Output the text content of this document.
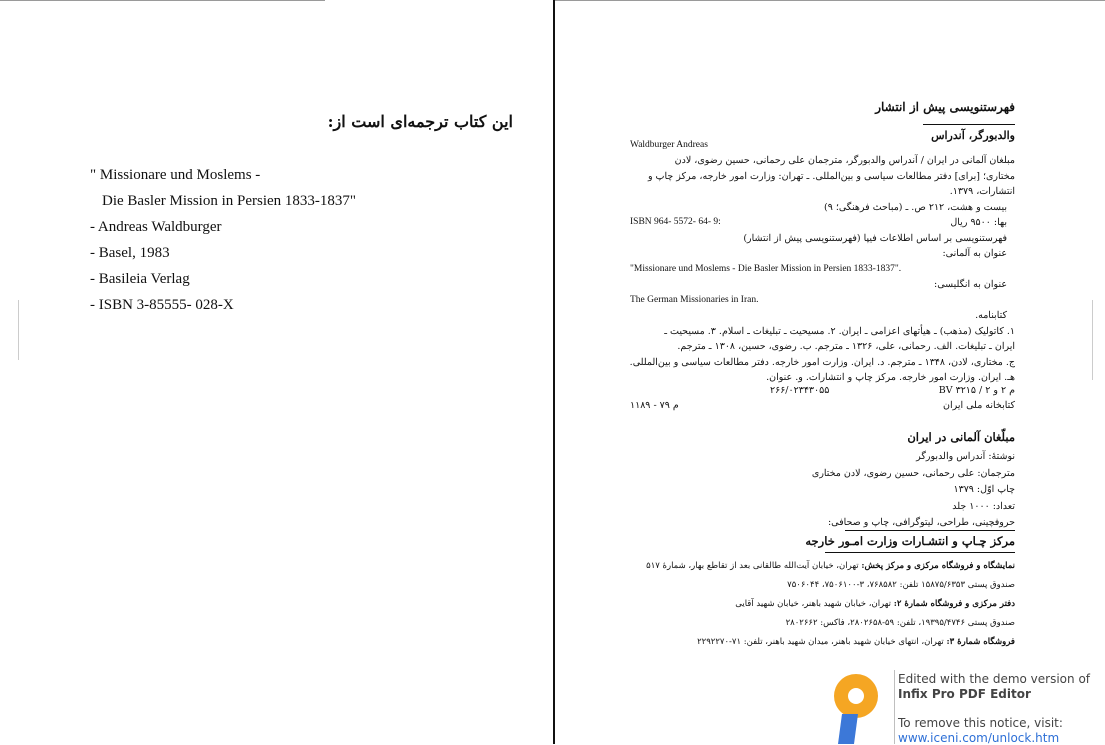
این کتاب ترجمه‌ای است از:
" Missionare und Moslems -
Die Basler Mission in Persien 1833-1837"
- Andreas Waldburger
- Basel, 1983
- Basileia Verlag
- ISBN 3-85555- 028-X
فهرستنویسی پیش از انتشار
والدبورگر، آندراس
Waldburger Andreas
مبلغان آلمانی در ایران / آندراس والدبورگر، مترجمان علی رحمانی، حسین رضوی، لادن
مختاری؛ [برای] دفتر مطالعات سیاسی و بین‌المللی. ـ تهران: وزارت امور خارجه، مرکز چاپ و
انتشارات، ۱۳۷۹.
بیست و هشت، ۲۱۲ ص. ـ (مباحث فرهنگی؛ ۹)
ISBN 964- 5572- 64- 9:	بها: ۹۵۰۰ ریال
فهرستنویسی بر اساس اطلاعات فیپا (فهرستنویسی پیش از انتشار)
عنوان به آلمانی:
"Missionare und Moslems - Die Basler Mission in Persien 1833-1837".
عنوان به انگلیسی:
The German Missionaries in Iran.
کتابنامه.
۱. کاتولیک (مذهب) ـ هیأتهای اعزامی ـ ایران. ۲. مسیحیت ـ تبلیغات ـ اسلام. ۳. مسیحیت ـ
ایران ـ تبلیغات. الف. رحمانی، علی، ۱۳۲۶ ـ مترجم. ب. رضوی، حسین، ۱۳۰۸ ـ مترجم.
ج. مختاری، لادن، ۱۳۴۸ ـ مترجم. د. ایران. وزارت امور خارجه. دفتر مطالعات سیاسی و بین‌المللی.
هـ. ایران. وزارت امور خارجه. مرکز چاپ و انتشارات. و. عنوان.
BV ۳۲۱۵ / ۲ م ۲ و
۲۶۶/۰۲۳۴۳۰۵۵
کتابخانه ملی ایران
م ۷۹ - ۱۱۸۹
مبلّغان آلمانی در ایران
نوشتهٔ: آندراس والدبورگر
مترجمان: علی رحمانی، حسین رضوی، لادن مختاری
چاپ اوّل: ۱۳۷۹
تعداد: ۱۰۰۰ جلد
حروفچینی، طراحی، لیتوگرافی، چاپ و صحافی:
مرکز چـاپ و انتشـارات وزارت امـور خارجه
نمایشگاه و فروشگاه مرکزی و مرکز پخش: تهران، خیابان آیت‌الله طالقانی بعد از تقاطع بهار، شمارهٔ ۵۱۷
صندوق پستی ۱۵۸۷۵/۶۳۵۳ تلفن: ۷۶۸۵۸۲، ۳-۷۵۰۶۱۰۰، ۷۵۰۶۰۴۴
دفتر مرکزی و فروشگاه شمارهٔ ۲: تهران، خیابان شهید باهنر، خیابان شهید آقایی
صندوق پستی ۱۹۳۹۵/۴۷۴۶، تلفن: ۵۹-۲۸۰۲۶۵۸، فاکس: ۲۸۰۲۶۶۲
فروشگاه شمارهٔ ۳: تهران، انتهای خیابان شهید باهنر، میدان شهید باهنر، تلفن: ۷۱-۲۲۹۲۲۷۰
Edited with the demo version of
Infix Pro PDF Editor
To remove this notice, visit:
www.iceni.com/unlock.htm
